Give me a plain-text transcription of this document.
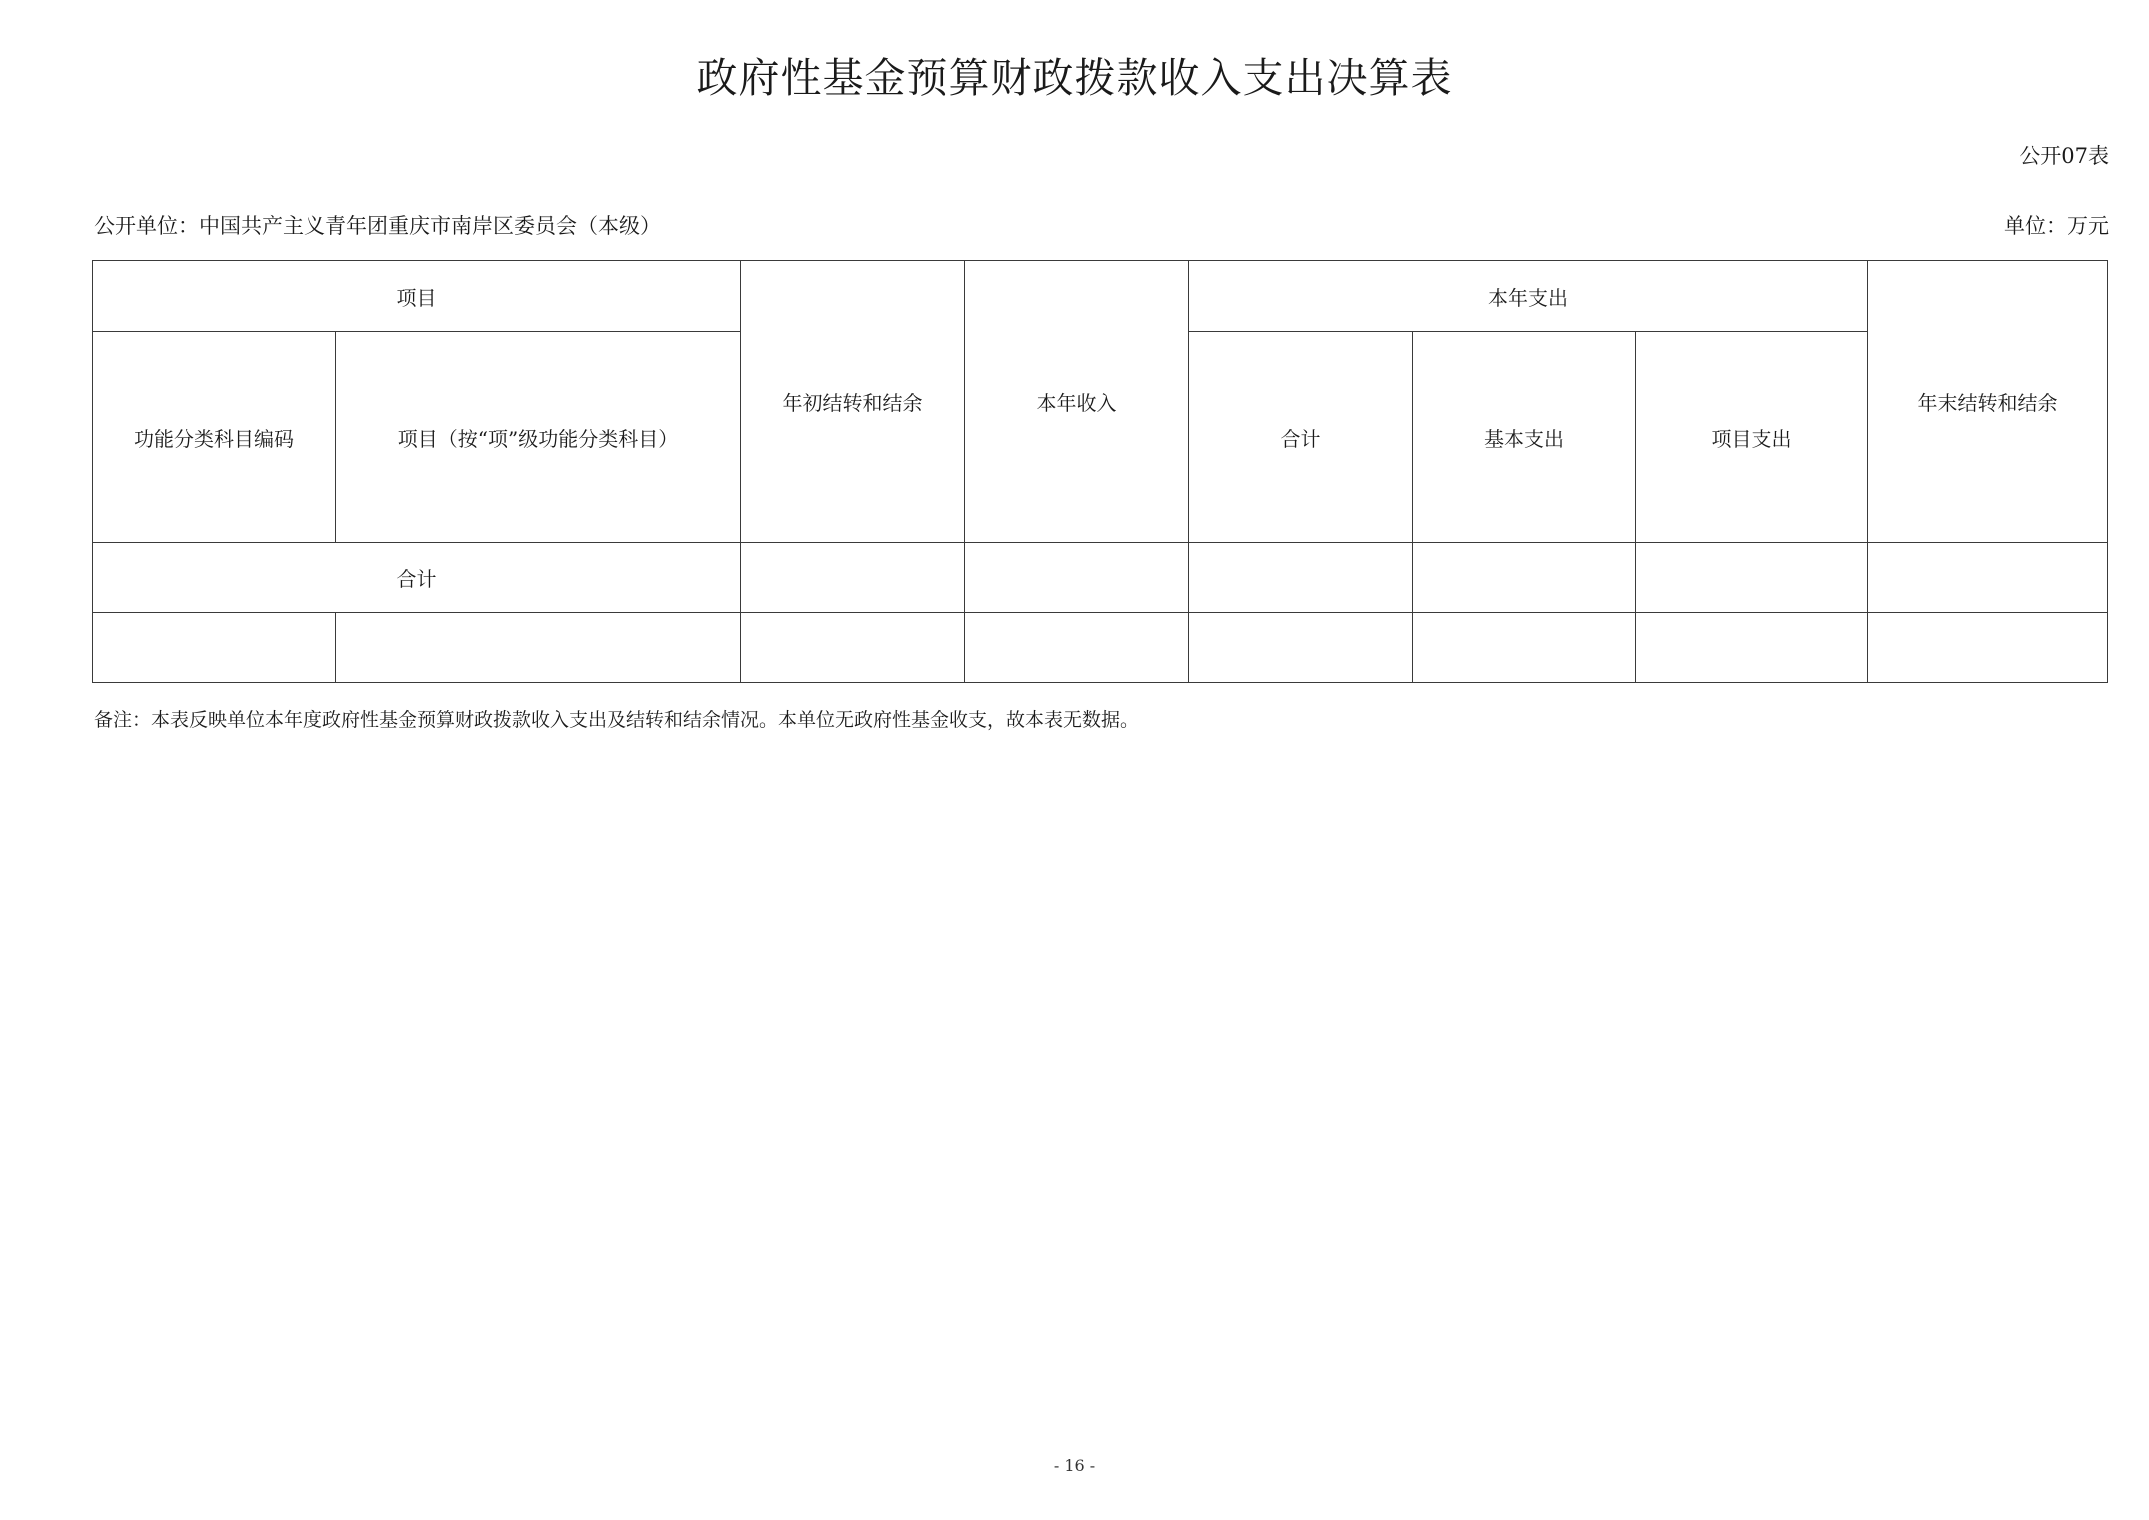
政府性基金预算财政拨款收入支出决算表
公开07表
公开单位：中国共产主义青年团重庆市南岸区委员会（本级）	单位：万元
项目		年初结转和结余	本年收入	本年支出			年末结转和结余
功能分类科目编码	项目（按“项”级功能分类科目）			合计	基本支出	项目支出	
合计							

备注：本表反映单位本年度政府性基金预算财政拨款收入支出及结转和结余情况。本单位无政府性基金收支，故本表无数据。
- 16 -
